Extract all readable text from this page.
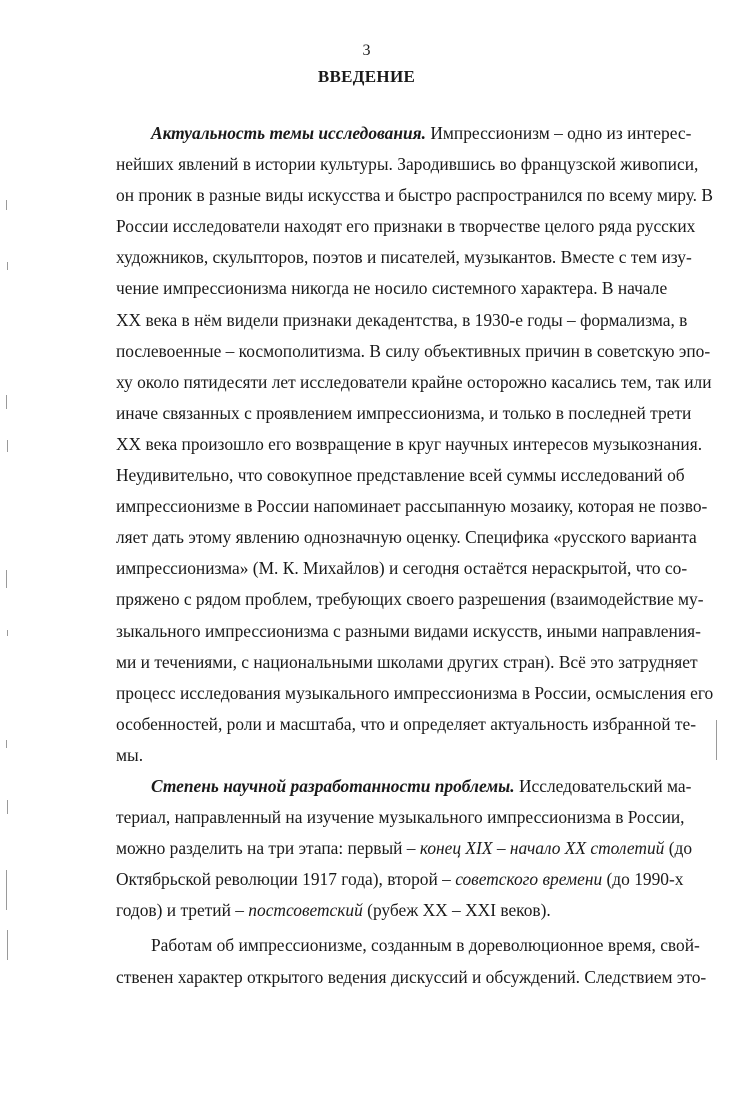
3
ВВЕДЕНИЕ
Актуальность темы исследования. Импрессионизм – одно из интерес-
нейших явлений в истории культуры. Зародившись во французской живописи,
он проник в разные виды искусства и быстро распространился по всему миру. В
России исследователи находят его признаки в творчестве целого ряда русских
художников, скульпторов, поэтов и писателей, музыкантов. Вместе с тем изу-
чение импрессионизма никогда не носило системного характера. В начале
XX века в нём видели признаки декадентства, в 1930-е годы – формализма, в
послевоенные – космополитизма. В силу объективных причин в советскую эпо-
ху около пятидесяти лет исследователи крайне осторожно касались тем, так или
иначе связанных с проявлением импрессионизма, и только в последней трети
XX века произошло его возвращение в круг научных интересов музыкознания.
Неудивительно, что совокупное представление всей суммы исследований об
импрессионизме в России напоминает рассыпанную мозаику, которая не позво-
ляет дать этому явлению однозначную оценку. Специфика «русского варианта
импрессионизма» (М. К. Михайлов) и сегодня остаётся нераскрытой, что со-
пряжено с рядом проблем, требующих своего разрешения (взаимодействие му-
зыкального импрессионизма с разными видами искусств, иными направления-
ми и течениями, с национальными школами других стран). Всё это затрудняет
процесс исследования музыкального импрессионизма в России, осмысления его
особенностей, роли и масштаба, что и определяет актуальность избранной те-
мы.
Степень научной разработанности проблемы. Исследовательский ма-
териал, направленный на изучение музыкального импрессионизма в России,
можно разделить на три этапа: первый – конец XIX – начало XX столетий (до
Октябрьской революции 1917 года), второй – советского времени (до 1990-х
годов) и третий – постсоветский (рубеж XX – XXI веков).
Работам об импрессионизме, созданным в дореволюционное время, свой-
ственен характер открытого ведения дискуссий и обсуждений. Следствием это-
